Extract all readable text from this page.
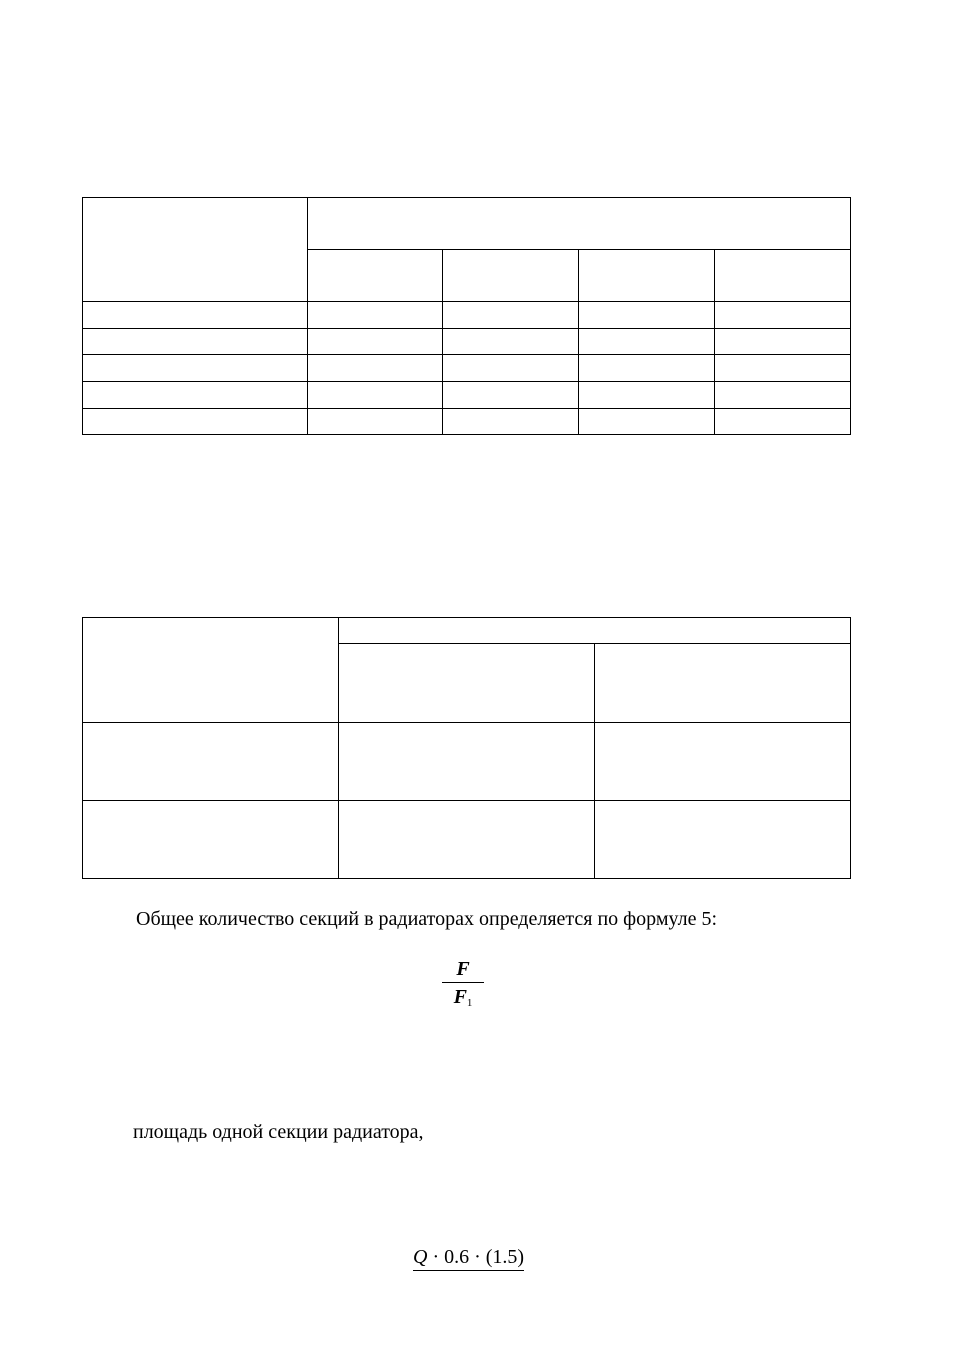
Общее количество секций в радиаторах определяется по формуле 5:
F
$F_1$
площадь одной секции радиатора,
Q · 0.6 · (1.5)
